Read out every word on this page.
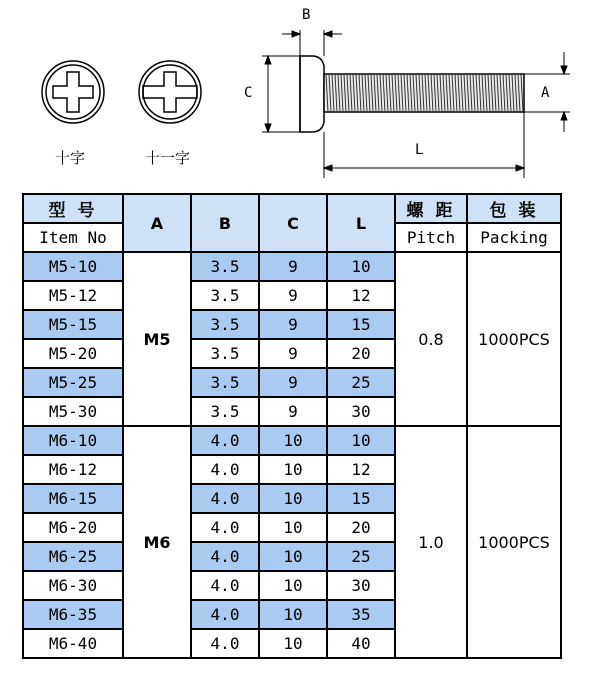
十字	十一字
B
C	A
L
型 号	A	B	C	L	螺 距	包 装
Item No					Pitch	Packing
M5-10	M5	3.5	9	10	0.8	1000PCS
M5-12		3.5	9	12		
M5-15		3.5	9	15		
M5-20		3.5	9	20		
M5-25		3.5	9	25		
M5-30		3.5	9	30		
M6-10	M6	4.0	10	10	1.0	1000PCS
M6-12		4.0	10	12		
M6-15		4.0	10	15		
M6-20		4.0	10	20		
M6-25		4.0	10	25		
M6-30		4.0	10	30		
M6-35		4.0	10	35		
M6-40		4.0	10	40		
